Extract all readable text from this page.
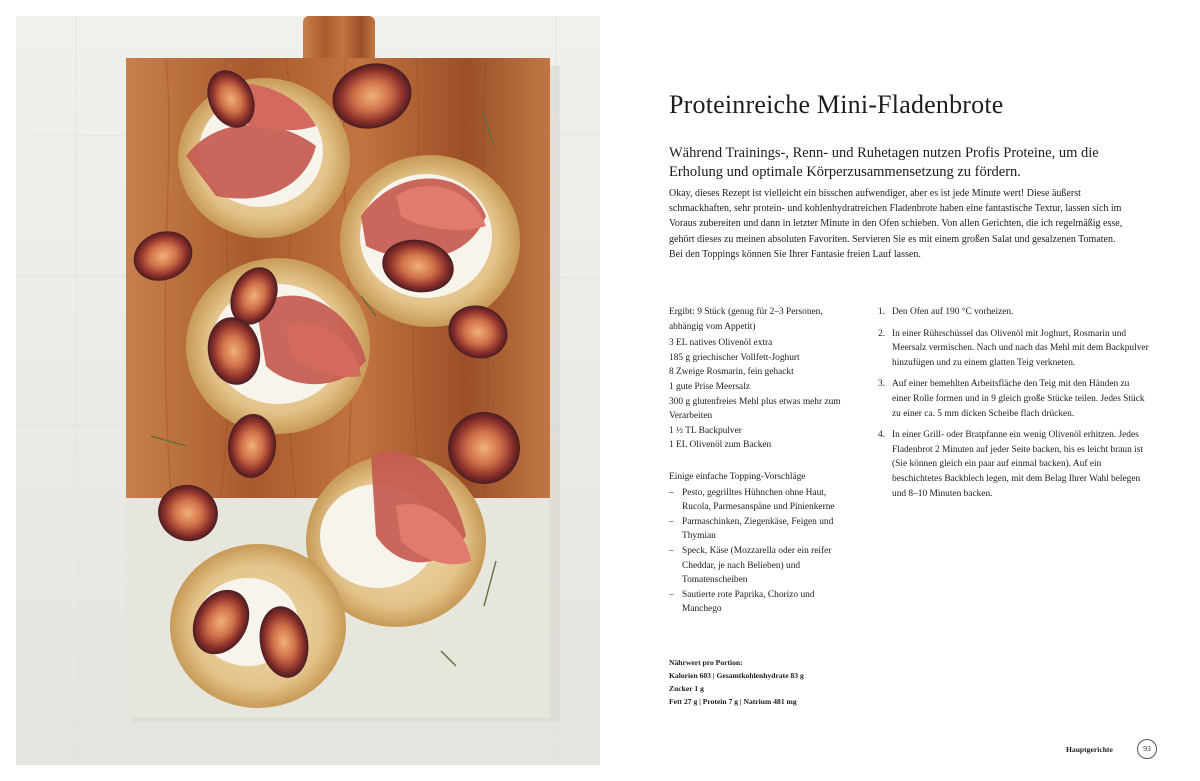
Proteinreiche Mini-Fladenbrote

Während Trainings-, Renn- und Ruhetagen nutzen Profis Proteine, um die Erholung und optimale Körperzusammensetzung zu fördern.

Okay, dieses Rezept ist vielleicht ein bisschen aufwendiger, aber es ist jede Minute wert! Diese äußerst schmackhaften, sehr protein- und kohlenhydratreichen Fladenbrote haben eine fantastische Textur, lassen sich im Voraus zubereiten und dann in letzter Minute in den Ofen schieben. Von allen Gerichten, die ich regelmäßig esse, gehört dieses zu meinen absoluten Favoriten. Servieren Sie es mit einem großen Salat und gesalzenen Tomaten. Bei den Toppings können Sie Ihrer Fantasie freien Lauf lassen.

Ergibt: 9 Stück (genug für 2–3 Personen, abhängig vom Appetit)

3 EL natives Olivenöl extra
185 g griechischer Vollfett-Joghurt
8 Zweige Rosmarin, fein gehackt
1 gute Prise Meersalz
300 g glutenfreies Mehl plus etwas mehr zum Verarbeiten
1 ½ TL Backpulver
1 EL Olivenöl zum Backen

Einige einfache Topping-Vorschläge

– Pesto, gegrilltes Hühnchen ohne Haut, Rucola, Parmesanspäne und Pinienkerne
– Parmaschinken, Ziegenkäse, Feigen und Thymian
– Speck, Käse (Mozzarella oder ein reifer Cheddar, je nach Belieben) und Tomatenscheiben
– Sautierte rote Paprika, Chorizo und Manchego

Nährwert pro Portion:

Kalorien 603 | Gesamtkohlenhydrate 83 g

Zucker 1 g

Fett 27 g | Protein 7 g | Natrium 481 mg

1. Den Ofen auf 190 °C vorheizen.
2. In einer Rührschüssel das Olivenöl mit Joghurt, Rosmarin und Meersalz vermischen. Nach und nach das Mehl mit dem Backpulver hinzufügen und zu einem glatten Teig verkneten.
3. Auf einer bemehlten Arbeitsfläche den Teig mit den Händen zu einer Rolle formen und in 9 gleich große Stücke teilen. Jedes Stück zu einer ca. 5 mm dicken Scheibe flach drücken.
4. In einer Grill- oder Bratpfanne ein wenig Olivenöl erhitzen. Jedes Fladenbrot 2 Minuten auf jeder Seite backen, bis es leicht braun ist (Sie können gleich ein paar auf einmal backen). Auf ein beschichtetes Backblech legen, mit dem Belag Ihrer Wahl belegen und 8–10 Minuten backen.
Hauptgerichte	93
